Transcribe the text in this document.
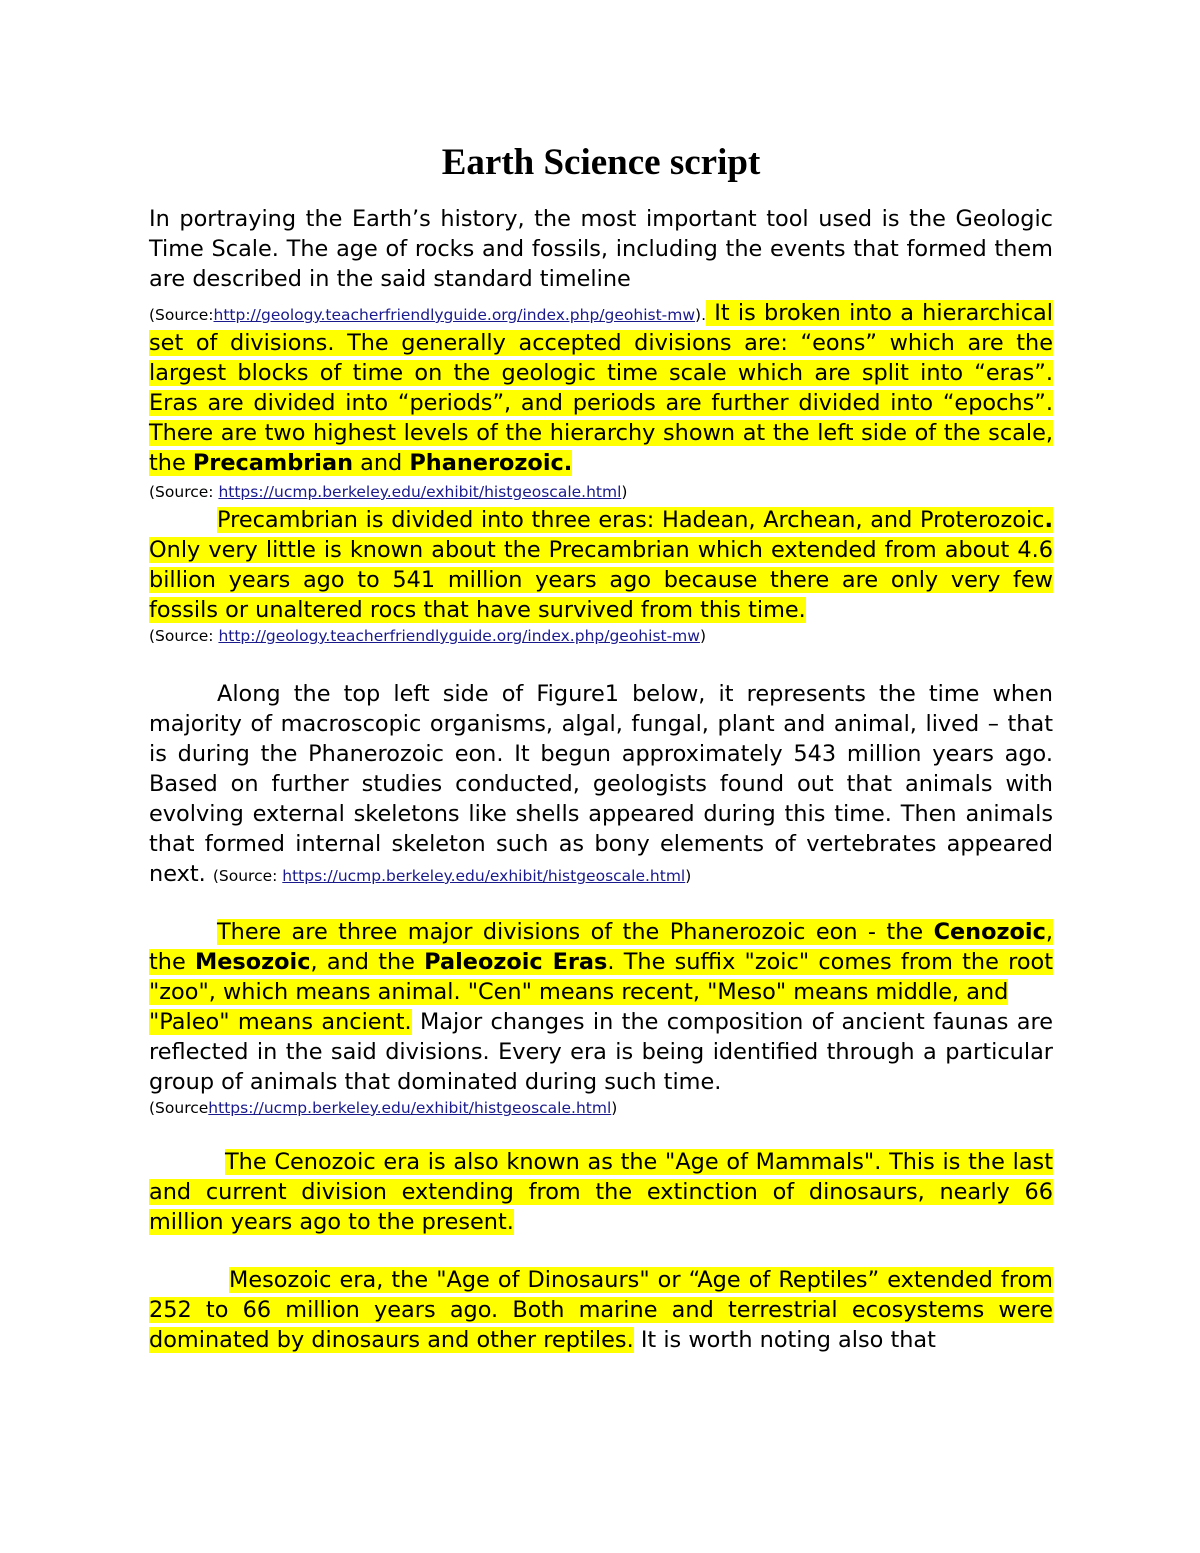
Earth Science script

In portraying the Earth’s history, the most important tool used is the Geologic Time Scale. The age of rocks and fossils, including the events that formed them are described in the said standard timeline

(Source:http://geology.teacherfriendlyguide.org/index.php/geohist-mw). It is broken into a hierarchical set of divisions. The generally accepted divisions are: “eons” which are the largest blocks of time on the geologic time scale which are split into “eras”. Eras are divided into “periods”, and periods are further divided into “epochs”. There are two highest levels of the hierarchy shown at the left side of the scale, the Precambrian and Phanerozoic.

(Source: https://ucmp.berkeley.edu/exhibit/histgeoscale.html)

Precambrian is divided into three eras: Hadean, Archean, and Proterozoic. Only very little is known about the Precambrian which extended from about 4.6 billion years ago to 541 million years ago because there are only very few fossils or unaltered rocs that have survived from this time.

(Source: http://geology.teacherfriendlyguide.org/index.php/geohist-mw)

Along the top left side of Figure1 below, it represents the time when majority of macroscopic organisms, algal, fungal, plant and animal, lived – that is during the Phanerozoic eon. It begun approximately 543 million years ago. Based on further studies conducted, geologists found out that animals with evolving external skeletons like shells appeared during this time. Then animals that formed internal skeleton such as bony elements of vertebrates appeared next. (Source: https://ucmp.berkeley.edu/exhibit/histgeoscale.html)

There are three major divisions of the Phanerozoic eon - the Cenozoic, the Mesozoic, and the Paleozoic Eras. The suffix "zoic" comes from the root "zoo", which means animal. "Cen" means recent, "Meso" means middle, and

"Paleo" means ancient. Major changes in the composition of ancient faunas are reflected in the said divisions. Every era is being identified through a particular group of animals that dominated during such time.

(Sourcehttps://ucmp.berkeley.edu/exhibit/histgeoscale.html)

The Cenozoic era is also known as the "Age of Mammals". This is the last and current division extending from the extinction of dinosaurs, nearly 66 million years ago to the present.

Mesozoic era, the "Age of Dinosaurs" or “Age of Reptiles” extended from 252 to 66 million years ago. Both marine and terrestrial ecosystems were dominated by dinosaurs and other reptiles. It is worth noting also that
